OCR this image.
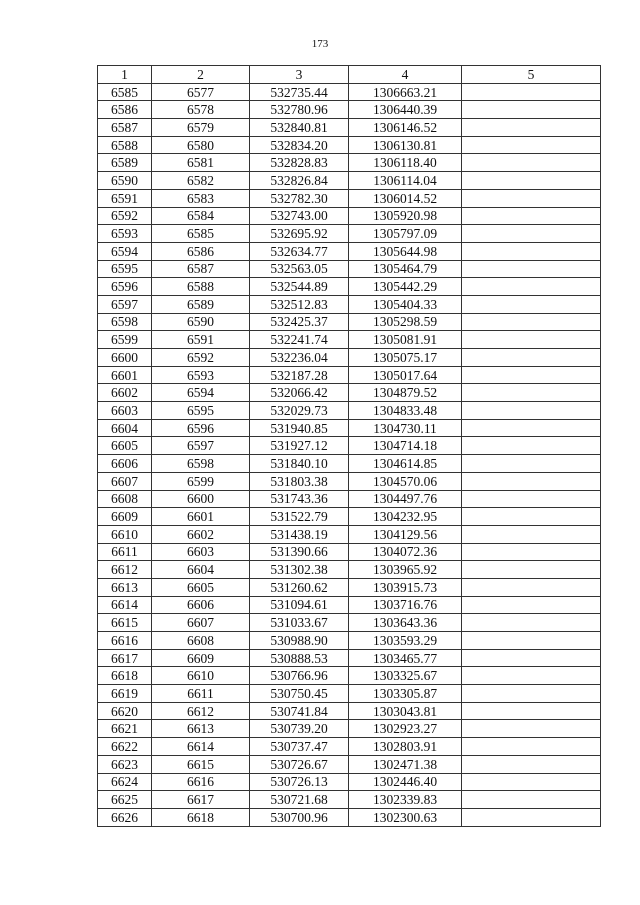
173
1	2	3	4	5
6585	6577	532735.44	1306663.21	
6586	6578	532780.96	1306440.39	
6587	6579	532840.81	1306146.52	
6588	6580	532834.20	1306130.81	
6589	6581	532828.83	1306118.40	
6590	6582	532826.84	1306114.04	
6591	6583	532782.30	1306014.52	
6592	6584	532743.00	1305920.98	
6593	6585	532695.92	1305797.09	
6594	6586	532634.77	1305644.98	
6595	6587	532563.05	1305464.79	
6596	6588	532544.89	1305442.29	
6597	6589	532512.83	1305404.33	
6598	6590	532425.37	1305298.59	
6599	6591	532241.74	1305081.91	
6600	6592	532236.04	1305075.17	
6601	6593	532187.28	1305017.64	
6602	6594	532066.42	1304879.52	
6603	6595	532029.73	1304833.48	
6604	6596	531940.85	1304730.11	
6605	6597	531927.12	1304714.18	
6606	6598	531840.10	1304614.85	
6607	6599	531803.38	1304570.06	
6608	6600	531743.36	1304497.76	
6609	6601	531522.79	1304232.95	
6610	6602	531438.19	1304129.56	
6611	6603	531390.66	1304072.36	
6612	6604	531302.38	1303965.92	
6613	6605	531260.62	1303915.73	
6614	6606	531094.61	1303716.76	
6615	6607	531033.67	1303643.36	
6616	6608	530988.90	1303593.29	
6617	6609	530888.53	1303465.77	
6618	6610	530766.96	1303325.67	
6619	6611	530750.45	1303305.87	
6620	6612	530741.84	1303043.81	
6621	6613	530739.20	1302923.27	
6622	6614	530737.47	1302803.91	
6623	6615	530726.67	1302471.38	
6624	6616	530726.13	1302446.40	
6625	6617	530721.68	1302339.83	
6626	6618	530700.96	1302300.63	
